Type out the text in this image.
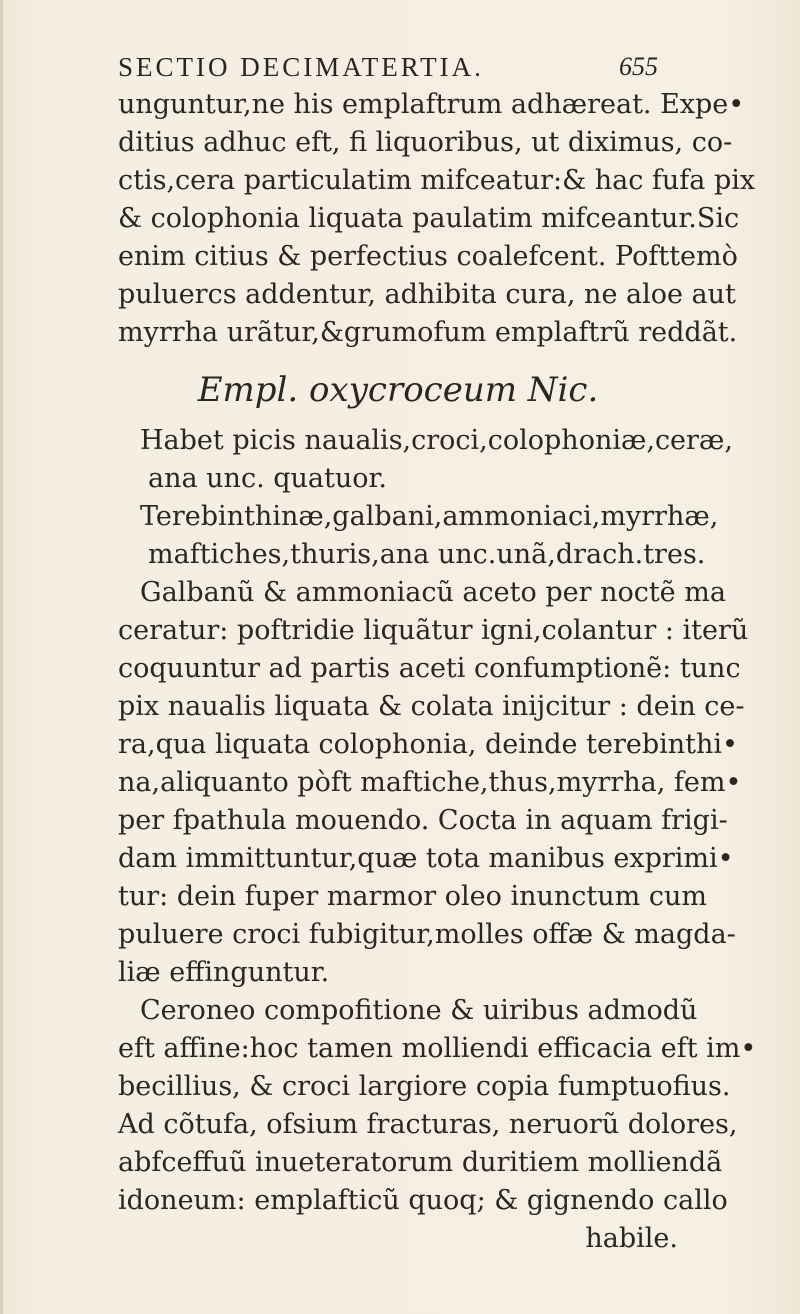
SECTIO DECIMATERTIA.	655
unguntur,ne his emplaftrum adhæreat. Expe•
ditius adhuc eft, fi liquoribus, ut diximus, co-
ctis,cera particulatim mifceatur:& hac fufa pix
& colophonia liquata paulatim mifceantur.Sic
enim citius & perfectius coalefcent. Pofttemò
puluercs addentur, adhibita cura, ne aloe aut
myrrha urãtur,&grumofum emplaftrũ reddãt.
Empl. oxycroceum Nic.
Habet picis naualis,croci,colophoniæ,ceræ,
ana unc. quatuor.
Terebinthinæ,galbani,ammoniaci,myrrhæ,
maftiches,thuris,ana unc.unã,drach.tres.
Galbanũ & ammoniacũ aceto per noctẽ ma
ceratur: poftridie liquãtur igni,colantur : iterũ
coquuntur ad partis aceti confumptionẽ: tunc
pix naualis liquata & colata inijcitur : dein ce-
ra,qua liquata colophonia, deinde terebinthi•
na,aliquanto pòft maftiche,thus,myrrha, fem•
per fpathula mouendo. Cocta in aquam frigi-
dam immittuntur,quæ tota manibus exprimi•
tur: dein fuper marmor oleo inunctum cum
puluere croci fubigitur,molles offæ & magda-
liæ effinguntur.
Ceroneo compofitione & uiribus admodũ
eft affine:hoc tamen molliendi efficacia eft im•
becillius, & croci largiore copia fumptuofius.
Ad cõtufa, ofsium fracturas, neruorũ dolores,
abfceffuũ inueteratorum duritiem molliendã
idoneum: emplafticũ quoq; & gignendo callo
habile.
